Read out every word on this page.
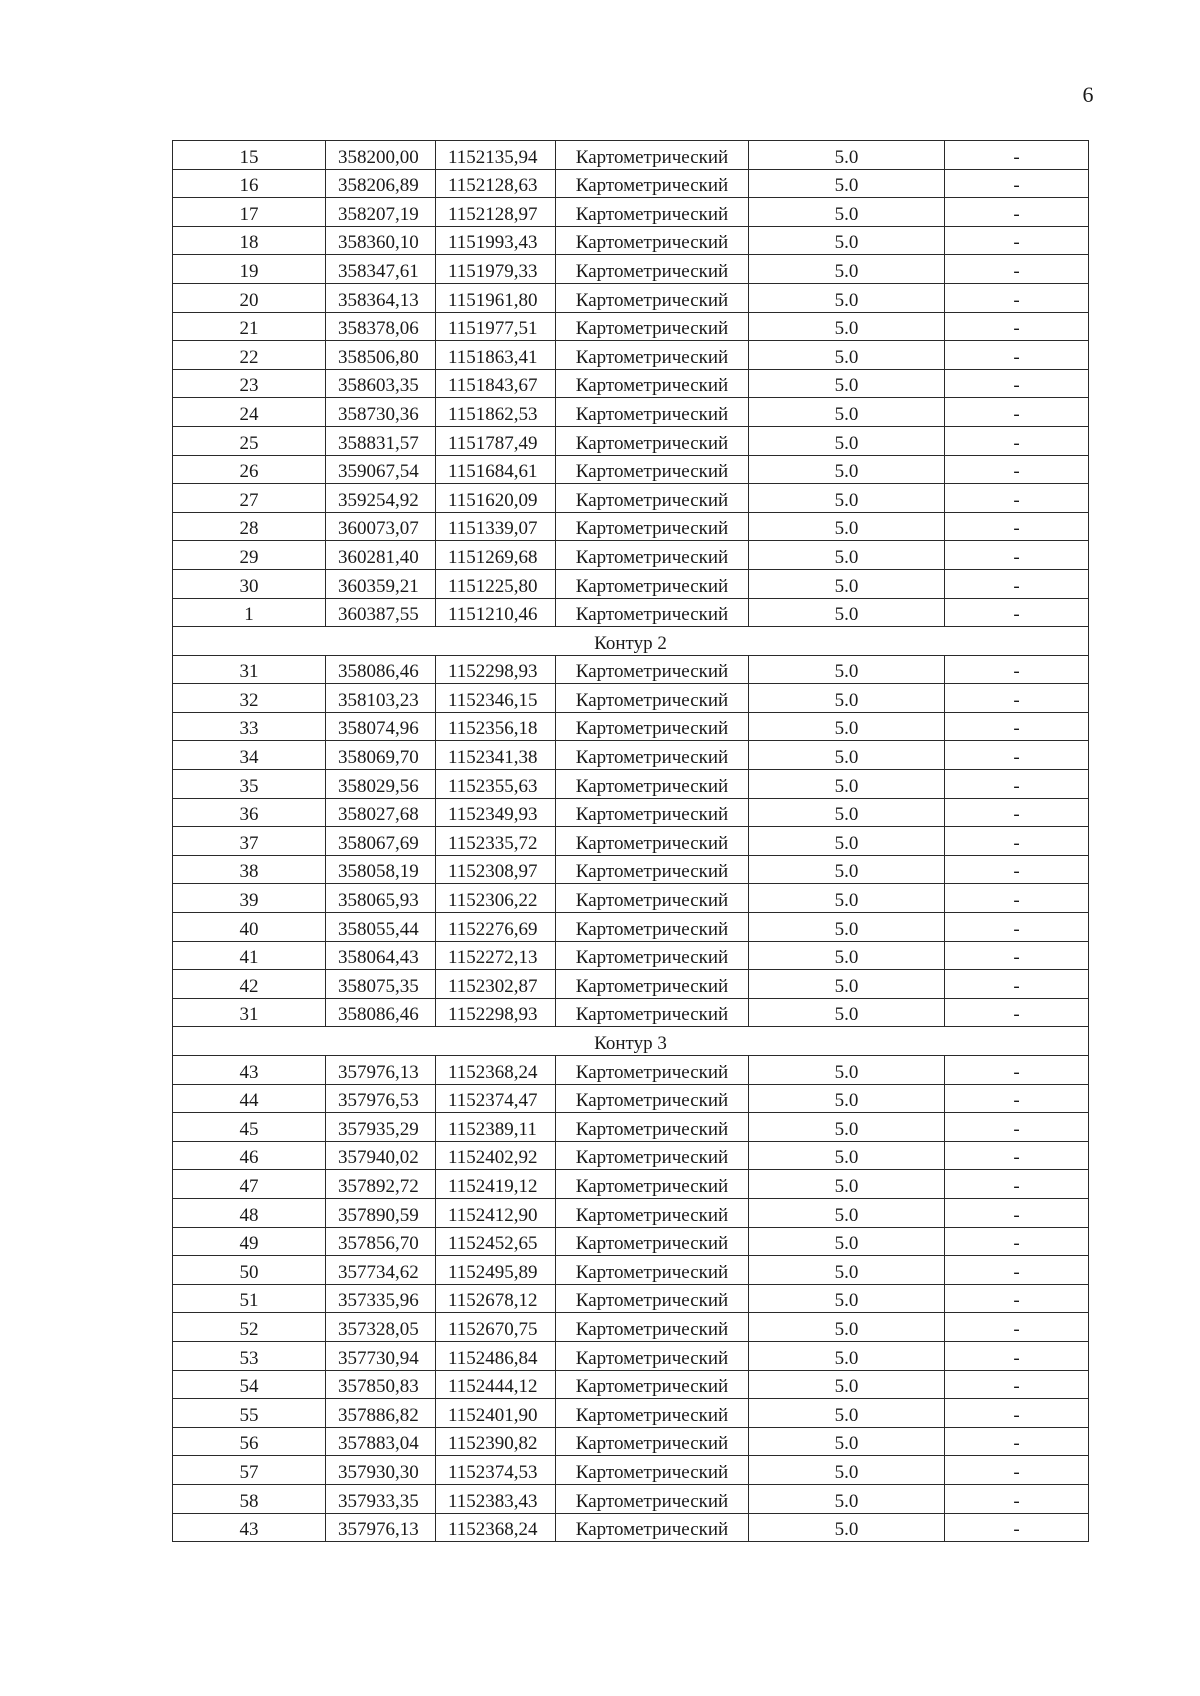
6
15	358200,00	1152135,94	Картометрический	5.0	-
16	358206,89	1152128,63	Картометрический	5.0	-
17	358207,19	1152128,97	Картометрический	5.0	-
18	358360,10	1151993,43	Картометрический	5.0	-
19	358347,61	1151979,33	Картометрический	5.0	-
20	358364,13	1151961,80	Картометрический	5.0	-
21	358378,06	1151977,51	Картометрический	5.0	-
22	358506,80	1151863,41	Картометрический	5.0	-
23	358603,35	1151843,67	Картометрический	5.0	-
24	358730,36	1151862,53	Картометрический	5.0	-
25	358831,57	1151787,49	Картометрический	5.0	-
26	359067,54	1151684,61	Картометрический	5.0	-
27	359254,92	1151620,09	Картометрический	5.0	-
28	360073,07	1151339,07	Картометрический	5.0	-
29	360281,40	1151269,68	Картометрический	5.0	-
30	360359,21	1151225,80	Картометрический	5.0	-
1	360387,55	1151210,46	Картометрический	5.0	-
Контур 2					
31	358086,46	1152298,93	Картометрический	5.0	-
32	358103,23	1152346,15	Картометрический	5.0	-
33	358074,96	1152356,18	Картометрический	5.0	-
34	358069,70	1152341,38	Картометрический	5.0	-
35	358029,56	1152355,63	Картометрический	5.0	-
36	358027,68	1152349,93	Картометрический	5.0	-
37	358067,69	1152335,72	Картометрический	5.0	-
38	358058,19	1152308,97	Картометрический	5.0	-
39	358065,93	1152306,22	Картометрический	5.0	-
40	358055,44	1152276,69	Картометрический	5.0	-
41	358064,43	1152272,13	Картометрический	5.0	-
42	358075,35	1152302,87	Картометрический	5.0	-
31	358086,46	1152298,93	Картометрический	5.0	-
Контур 3					
43	357976,13	1152368,24	Картометрический	5.0	-
44	357976,53	1152374,47	Картометрический	5.0	-
45	357935,29	1152389,11	Картометрический	5.0	-
46	357940,02	1152402,92	Картометрический	5.0	-
47	357892,72	1152419,12	Картометрический	5.0	-
48	357890,59	1152412,90	Картометрический	5.0	-
49	357856,70	1152452,65	Картометрический	5.0	-
50	357734,62	1152495,89	Картометрический	5.0	-
51	357335,96	1152678,12	Картометрический	5.0	-
52	357328,05	1152670,75	Картометрический	5.0	-
53	357730,94	1152486,84	Картометрический	5.0	-
54	357850,83	1152444,12	Картометрический	5.0	-
55	357886,82	1152401,90	Картометрический	5.0	-
56	357883,04	1152390,82	Картометрический	5.0	-
57	357930,30	1152374,53	Картометрический	5.0	-
58	357933,35	1152383,43	Картометрический	5.0	-
43	357976,13	1152368,24	Картометрический	5.0	-
